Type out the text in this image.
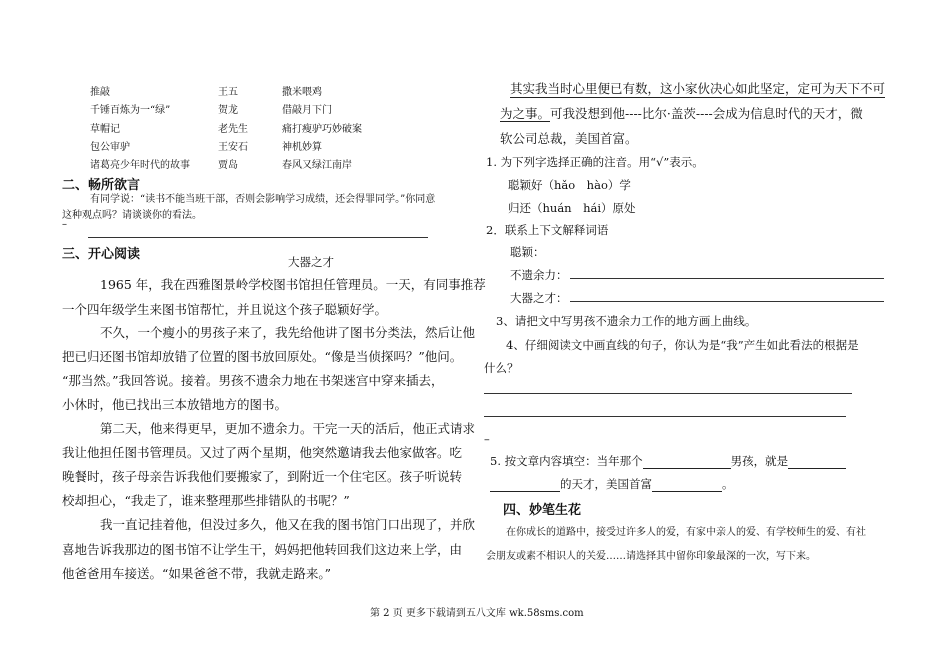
推敲	王五	撒米喂鸡
千锤百炼为一“绿”	贺龙	借敲月下门
草帽记	老先生	痛打瘦驴巧妙破案
包公审驴	王安石	神机妙算
诸葛亮少年时代的故事	贾岛	春风又绿江南岸
二、畅所欲言
有同学说：“读书不能当班干部，否则会影响学习成绩，还会得罪同学。”你同意
这种观点吗？请谈谈你的看法。
–
三、开心阅读	大器之才
1965 年，我在西雅图景岭学校图书馆担任管理员。一天，有同事推荐
一个四年级学生来图书馆帮忙，并且说这个孩子聪颖好学。
不久，一个瘦小的男孩子来了，我先给他讲了图书分类法，然后让他
把已归还图书馆却放错了位置的图书放回原处。“像是当侦探吗？”他问。
“那当然。”我回答说。接着。男孩不遗余力地在书架迷宫中穿来插去，
小休时，他已找出三本放错地方的图书。
第二天，他来得更早，更加不遗余力。干完一天的活后，他正式请求
我让他担任图书管理员。又过了两个星期，他突然邀请我去他家做客。吃
晚餐时，孩子母亲告诉我他们要搬家了，到附近一个住宅区。孩子听说转
校却担心，“我走了，谁来整理那些排错队的书呢？”
我一直记挂着他，但没过多久，他又在我的图书馆门口出现了，并欣
喜地告诉我那边的图书馆不让学生干，妈妈把他转回我们这边来上学，由
他爸爸用车接送。“如果爸爸不带，我就走路来。”
其实我当时心里便已有数，这小家伙决心如此坚定，定可为天下不可
为之事。可我没想到他----比尔·盖茨----会成为信息时代的天才，微
软公司总裁，美国首富。
1. 为下列字选择正确的注音。用“√”表示。
聪颖好（hǎo　hào）学
归还（huán　hái）原处
2．联系上下文解释词语
聪颖：
不遗余力：
大器之才：
3、请把文中写男孩不遗余力工作的地方画上曲线。
4、仔细阅读文中画直线的句子，你认为是“我”产生如此看法的根据是
什么？
–
5. 按文章内容填空：当年那个	男孩，就是
的天才，美国首富	。
四、妙笔生花
在你成长的道路中，接受过许多人的爱，有家中亲人的爱、有学校师生的爱、有社
会朋友或素不相识人的关爱……请选择其中留你印象最深的一次，写下来。
第 2 页 更多下载请到五八文库 wk.58sms.com
